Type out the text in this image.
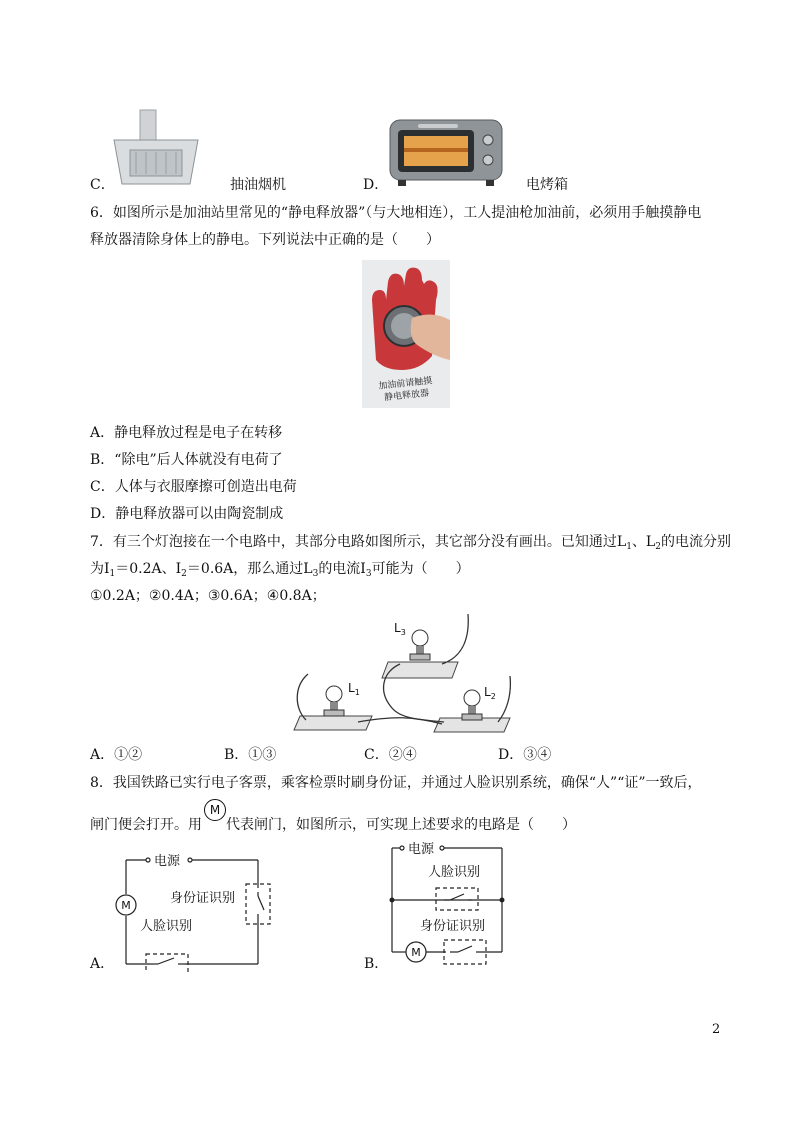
C．	抽油烟机	D．	电烤箱
6．如图所示是加油站里常见的“静电释放器”（与大地相连），工人提油枪加油前，必须用手触摸静电
释放器清除身体上的静电。下列说法中正确的是（　　）
加油前请触摸
静电释放器
A．静电释放过程是电子在转移
B．“除电”后人体就没有电荷了
C．人体与衣服摩擦可创造出电荷
D．静电释放器可以由陶瓷制成
7．有三个灯泡接在一个电路中，其部分电路如图所示，其它部分没有画出。已知通过$L_1$、$L_2$的电流分别
为$I_1=0.2A$、$I_2=0.6A$，那么通过$L_3$的电流$I_3$可能为（　　）
①0.2A；②0.4A；③0.6A；④0.8A；
$L_3$
$L_1$	$L_2$
A．①②	B．①③	C．②④	D．③④
8．我国铁路已实行电子客票，乘客检票时刷身份证，并通过人脸识别系统，确保“人”“证”一致后，
闸门便会打开。用
M
代表闸门，如图所示，可实现上述要求的电路是（　　）
电源
M	身份证识别
人脸识别
A．
电源
人脸识别
身份证识别
M
B．
2
